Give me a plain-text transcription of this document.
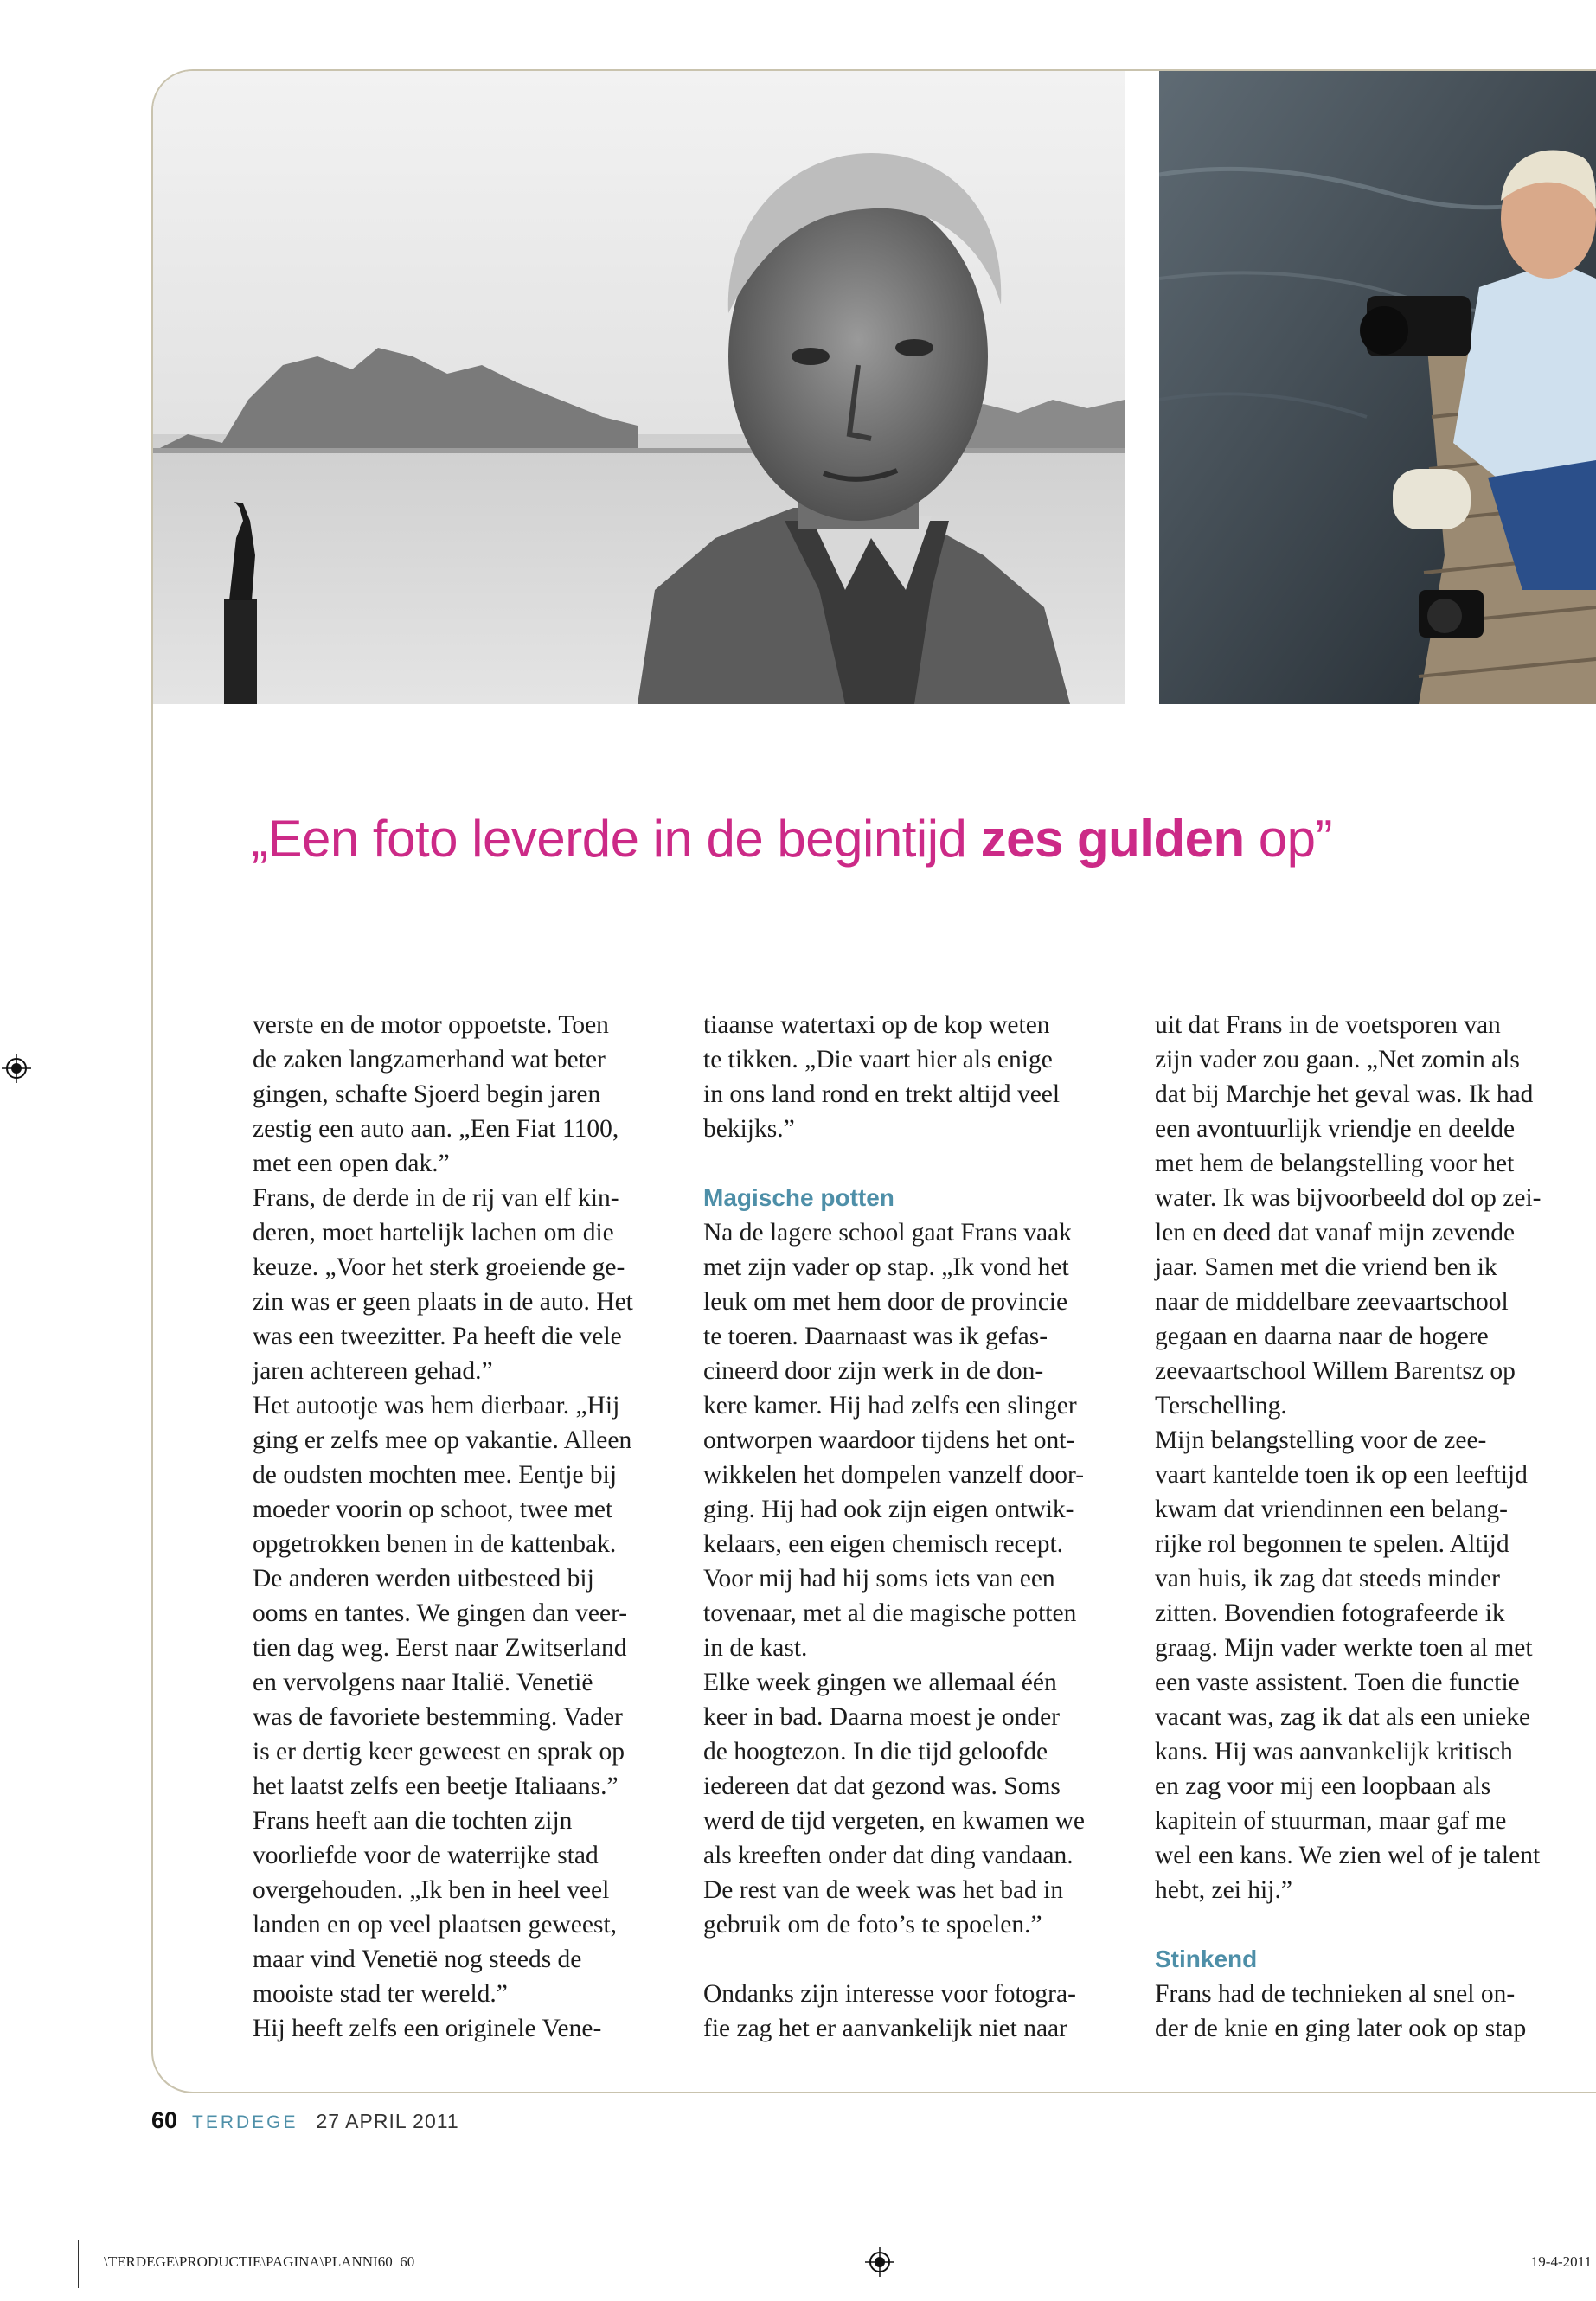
„Een foto leverde in de begintijd zes gulden op”
verste en de motor oppoetste. Toen
de zaken langzamerhand wat beter
gingen, schafte Sjoerd begin jaren
zestig een auto aan. „Een Fiat 1100,
met een open dak.”
Frans, de derde in de rij van elf kin-
deren, moet hartelijk lachen om die
keuze. „Voor het sterk groeiende ge-
zin was er geen plaats in de auto. Het
was een tweezitter. Pa heeft die vele
jaren achtereen gehad.”
Het autootje was hem dierbaar. „Hij
ging er zelfs mee op vakantie. Alleen
de oudsten mochten mee. Eentje bij
moeder voorin op schoot, twee met
opgetrokken benen in de kattenbak.
De anderen werden uitbesteed bij
ooms en tantes. We gingen dan veer-
tien dag weg. Eerst naar Zwitserland
en vervolgens naar Italië. Venetië
was de favoriete bestemming. Vader
is er dertig keer geweest en sprak op
het laatst zelfs een beetje Italiaans.”
Frans heeft aan die tochten zijn
voorliefde voor de waterrijke stad
overgehouden. „Ik ben in heel veel
landen en op veel plaatsen geweest,
maar vind Venetië nog steeds de
mooiste stad ter wereld.”
Hij heeft zelfs een originele Vene-
tiaanse watertaxi op de kop weten
te tikken. „Die vaart hier als enige
in ons land rond en trekt altijd veel
bekijks.”
Magische potten
Na de lagere school gaat Frans vaak
met zijn vader op stap. „Ik vond het
leuk om met hem door de provincie
te toeren. Daarnaast was ik gefas-
cineerd door zijn werk in de don-
kere kamer. Hij had zelfs een slinger
ontworpen waardoor tijdens het ont-
wikkelen het dompelen vanzelf door-
ging. Hij had ook zijn eigen ontwik-
kelaars, een eigen chemisch recept.
Voor mij had hij soms iets van een
tovenaar, met al die magische potten
in de kast.
Elke week gingen we allemaal één
keer in bad. Daarna moest je onder
de hoogtezon. In die tijd geloofde
iedereen dat dat gezond was. Soms
werd de tijd vergeten, en kwamen we
als kreeften onder dat ding vandaan.
De rest van de week was het bad in
gebruik om de foto’s te spoelen.”
Ondanks zijn interesse voor fotogra-
fie zag het er aanvankelijk niet naar
uit dat Frans in de voetsporen van
zijn vader zou gaan. „Net zomin als
dat bij Marchje het geval was. Ik had
een avontuurlijk vriendje en deelde
met hem de belangstelling voor het
water. Ik was bijvoorbeeld dol op zei-
len en deed dat vanaf mijn zevende
jaar. Samen met die vriend ben ik
naar de middelbare zeevaartschool
gegaan en daarna naar de hogere
zeevaartschool Willem Barentsz op
Terschelling.
Mijn belangstelling voor de zee-
vaart kantelde toen ik op een leeftijd
kwam dat vriendinnen een belang-
rijke rol begonnen te spelen. Altijd
van huis, ik zag dat steeds minder
zitten. Bovendien fotografeerde ik
graag. Mijn vader werkte toen al met
een vaste assistent. Toen die functie
vacant was, zag ik dat als een unieke
kans. Hij was aanvankelijk kritisch
en zag voor mij een loopbaan als
kapitein of stuurman, maar gaf me
wel een kans. We zien wel of je talent
hebt, zei hij.”
Stinkend
Frans had de technieken al snel on-
der de knie en ging later ook op stap
60 TERDEGE 27 APRIL 2011
\TERDEGE\PRODUCTIE\PAGINA\PLANNI60 60	19-4-2011
